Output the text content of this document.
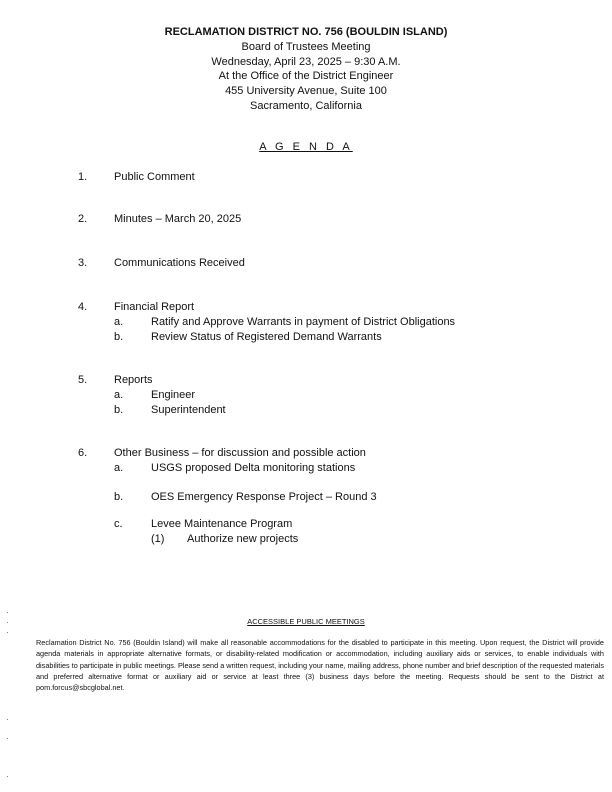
RECLAMATION DISTRICT NO. 756 (BOULDIN ISLAND)
Board of Trustees Meeting
Wednesday, April 23, 2025 – 9:30 A.M.
At the Office of the District Engineer
455 University Avenue, Suite 100
Sacramento, California
A G E N D A
1. Public Comment
2. Minutes – March 20, 2025
3. Communications Received
4. Financial Report
a.	Ratify and Approve Warrants in payment of District Obligations
b.	Review Status of Registered Demand Warrants
5. Reports
a.	Engineer
b.	Superintendent
6. Other Business – for discussion and possible action
a.	USGS proposed Delta monitoring stations
b.	OES Emergency Response Project – Round 3
c.	Levee Maintenance Program
(1) Authorize new projects
ACCESSIBLE PUBLIC MEETINGS
Reclamation District No. 756 (Bouldin Island) will make all reasonable accommodations for the disabled to participate in this meeting. Upon request, the District will provide agenda materials in appropriate alternative formats, or disability-related modification or accommodation, including auxiliary aids or services, to enable individuals with disabilities to participate in public meetings. Please send a written request, including your name, mailing address, phone number and brief description of the requested materials and preferred alternative format or auxiliary aid or service at least three (3) business days before the meeting. Requests should be sent to the District at pom.forcus@sbcglobal.net.
·
·
·
·
·
·
